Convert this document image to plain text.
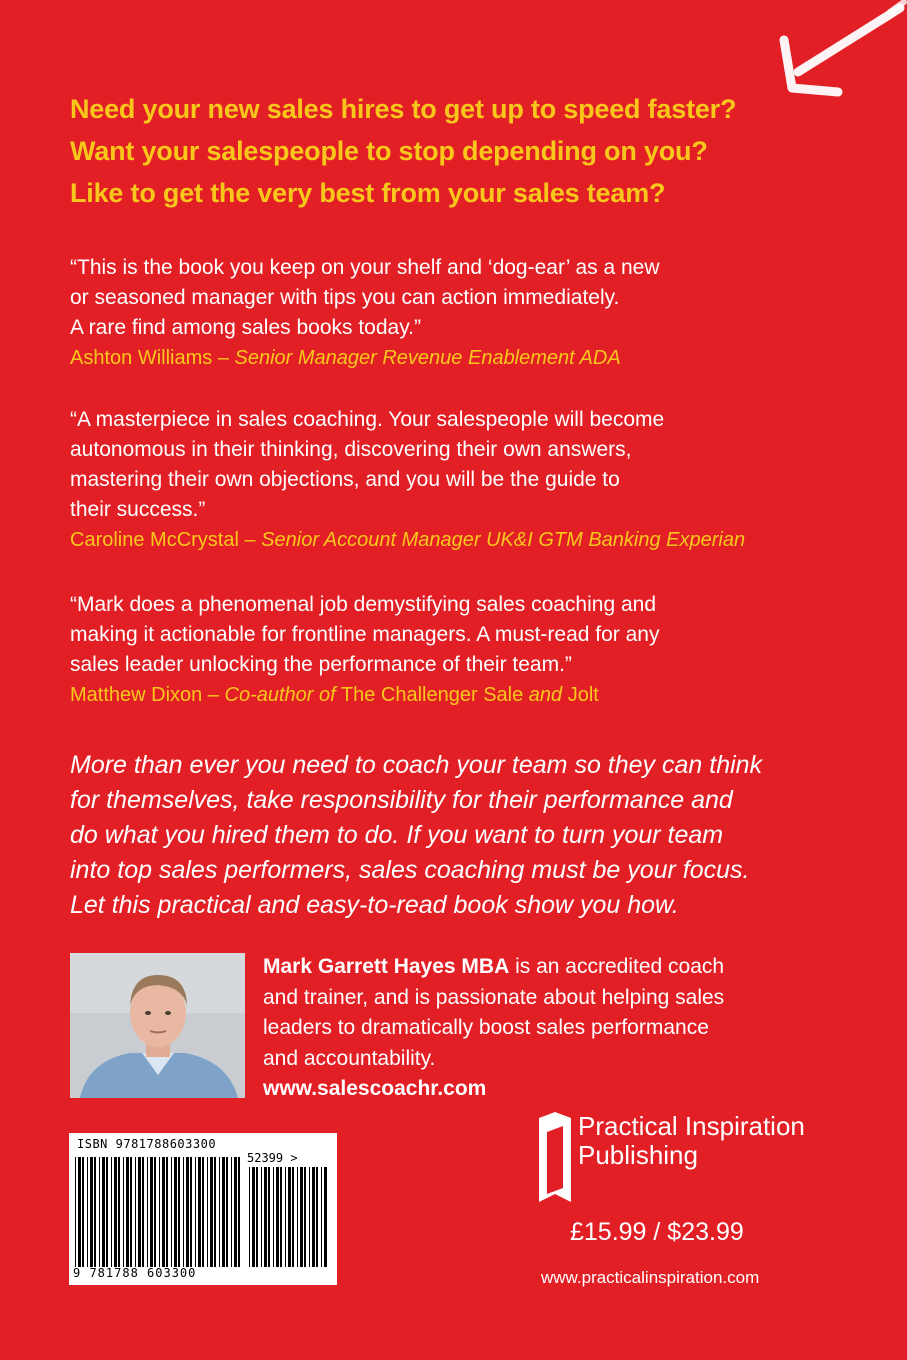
Need your new sales hires to get up to speed faster?
Want your salespeople to stop depending on you?
Like to get the very best from your sales team?
“This is the book you keep on your shelf and ‘dog-ear’ as a new
or seasoned manager with tips you can action immediately.
A rare find among sales books today.”
Ashton Williams – Senior Manager Revenue Enablement ADA
“A masterpiece in sales coaching. Your salespeople will become
autonomous in their thinking, discovering their own answers,
mastering their own objections, and you will be the guide to
their success.”
Caroline McCrystal – Senior Account Manager UK&I GTM Banking Experian
“Mark does a phenomenal job demystifying sales coaching and
making it actionable for frontline managers. A must-read for any
sales leader unlocking the performance of their team.”
Matthew Dixon – Co-author of The Challenger Sale and Jolt
More than ever you need to coach your team so they can think
for themselves, take responsibility for their performance and
do what you hired them to do. If you want to turn your team
into top sales performers, sales coaching must be your focus.
Let this practical and easy-to-read book show you how.
Mark Garrett Hayes MBA is an accredited coach
and trainer, and is passionate about helping sales
leaders to dramatically boost sales performance
and accountability.
www.salescoachr.com
ISBN 9781788603300
52399 >
9 781788 603300
Practical Inspiration
Publishing
£15.99 / $23.99
www.practicalinspiration.com
